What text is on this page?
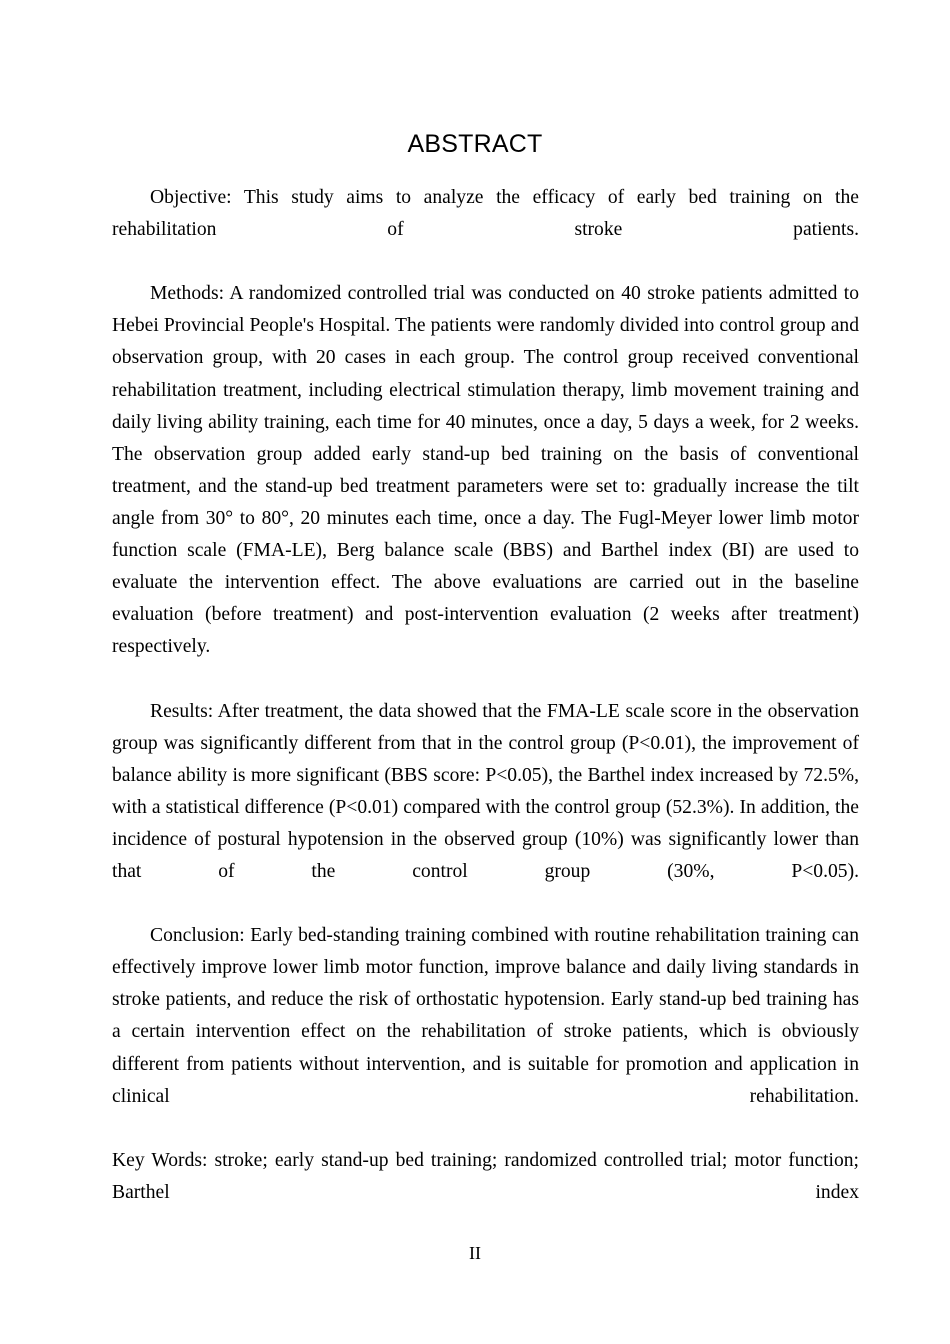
ABSTRACT

Objective: This study aims to analyze the efficacy of early bed training on the rehabilitation of stroke patients.

Methods: A randomized controlled trial was conducted on 40 stroke patients admitted to Hebei Provincial People's Hospital. The patients were randomly divided into control group and observation group, with 20 cases in each group. The control group received conventional rehabilitation treatment, including electrical stimulation therapy, limb movement training and daily living ability training, each time for 40 minutes, once a day, 5 days a week, for 2 weeks. The observation group added early stand-up bed training on the basis of conventional treatment, and the stand-up bed treatment parameters were set to: gradually increase the tilt angle from 30° to 80°, 20 minutes each time, once a day. The Fugl-Meyer lower limb motor function scale (FMA-LE), Berg balance scale (BBS) and Barthel index (BI) are used to evaluate the intervention effect. The above evaluations are carried out in the baseline evaluation (before treatment) and post-intervention evaluation (2 weeks after treatment) respectively.

Results: After treatment, the data showed that the FMA-LE scale score in the observation group was significantly different from that in the control group (P<0.01), the improvement of balance ability is more significant (BBS score: P<0.05), the Barthel index increased by 72.5%, with a statistical difference (P<0.01) compared with the control group (52.3%). In addition, the incidence of postural hypotension in the observed group (10%) was significantly lower than that of the control group (30%, P<0.05).

Conclusion: Early bed-standing training combined with routine rehabilitation training can effectively improve lower limb motor function, improve balance and daily living standards in stroke patients, and reduce the risk of orthostatic hypotension. Early stand-up bed training has a certain intervention effect on the rehabilitation of stroke patients, which is obviously different from patients without intervention, and is suitable for promotion and application in clinical rehabilitation.

Key Words: stroke; early stand-up bed training; randomized controlled trial; motor function; Barthel index

II
